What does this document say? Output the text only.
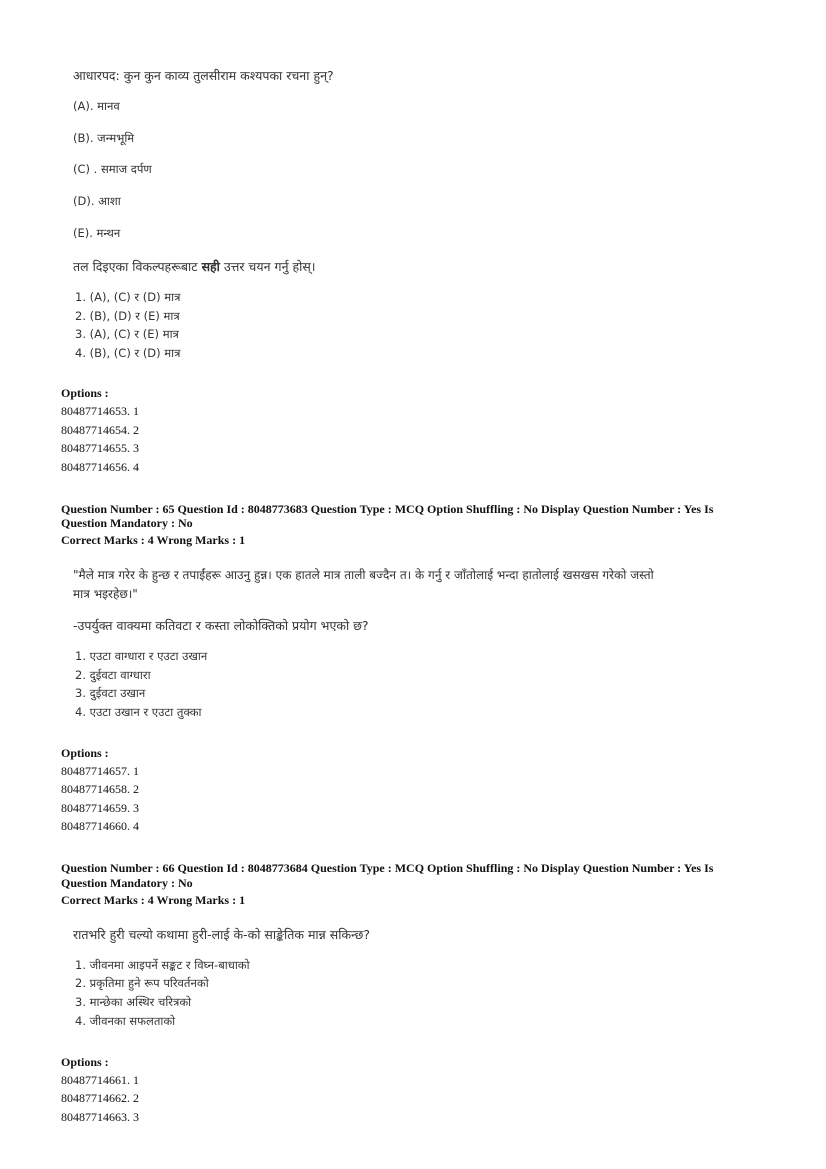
आधारपद: कुन कुन काव्य तुलसीराम कश्यपका रचना हुन्?
(A). मानव
(B). जन्मभूमि
(C) . समाज दर्पण
(D). आशा
(E). मन्थन
तल दिइएका विकल्पहरूबाट सही उत्तर चयन गर्नु होस्।
1. (A), (C) र (D) मात्र
2. (B), (D) र (E) मात्र
3. (A), (C) र (E) मात्र
4. (B), (C) र (D) मात्र
Options :
80487714653. 1
80487714654. 2
80487714655. 3
80487714656. 4
Question Number : 65 Question Id : 8048773683 Question Type : MCQ Option Shuffling : No Display Question Number : Yes Is
Question Mandatory : No
Correct Marks : 4 Wrong Marks : 1
"मैले मात्र गरेर के हुन्छ र तपाईंहरू आउनु हुन्न। एक हातले मात्र ताली बज्दैन त। के गर्नु र जाँतोलाई भन्दा हातोलाई खसखस गरेको जस्तो
मात्र भइरहेछ।"
-उपर्युक्त वाक्यमा कतिवटा र कस्ता लोकोक्तिको प्रयोग भएको छ?
1. एउटा वाग्धारा र एउटा उखान
2. दुईवटा वाग्धारा
3. दुईवटा उखान
4. एउटा उखान र एउटा तुक्का
Options :
80487714657. 1
80487714658. 2
80487714659. 3
80487714660. 4
Question Number : 66 Question Id : 8048773684 Question Type : MCQ Option Shuffling : No Display Question Number : Yes Is
Question Mandatory : No
Correct Marks : 4 Wrong Marks : 1
रातभरि हुरी चल्यो कथामा हुरी-लाई के-को साङ्केतिक मान्न सकिन्छ?
1. जीवनमा आइपर्ने सङ्कट र विघ्न-बाधाको
2. प्रकृतिमा हुने रूप परिवर्तनको
3. मान्छेका अस्थिर चरित्रको
4. जीवनका सफलताको
Options :
80487714661. 1
80487714662. 2
80487714663. 3
